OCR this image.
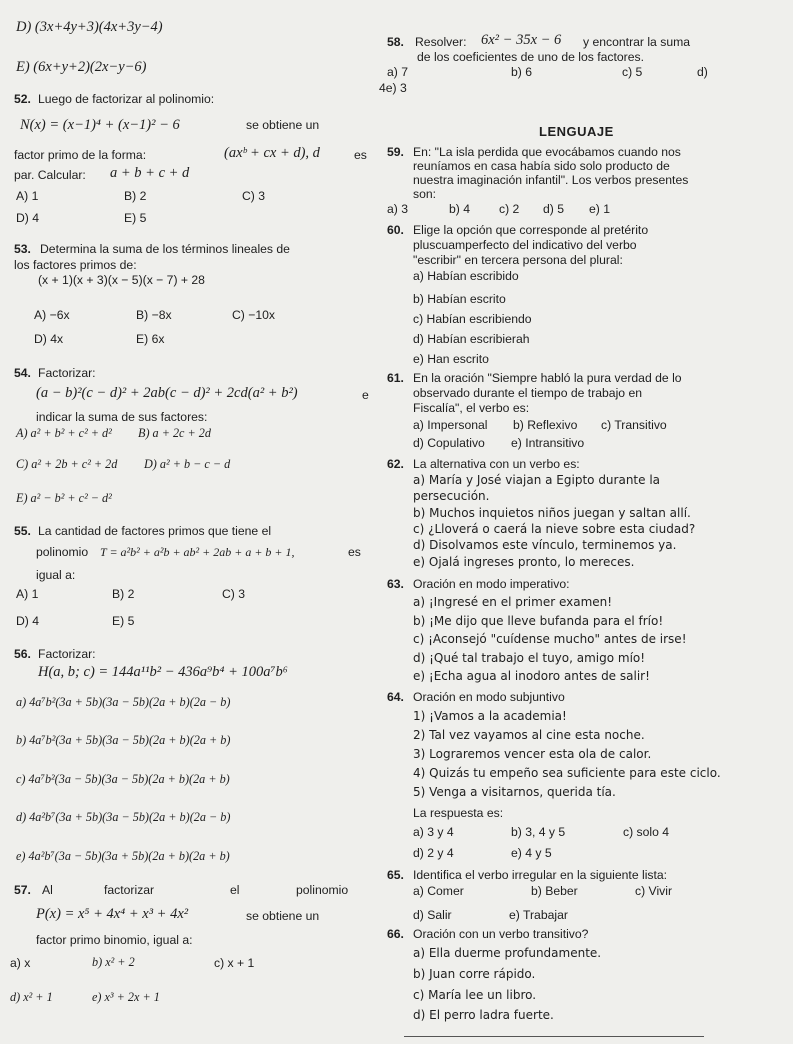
D) (3x+4y+3)(4x+3y−4)
E) (6x+y+2)(2x−y−6)
52. Luego de factorizar al polinomio:
N(x) = (x−1)⁴ + (x−1)² − 6	se obtiene un
factor primo de la forma:	(axᵇ + cx + d), d	es
par. Calcular: a + b + c + d
A) 1	B) 2	C) 3
D) 4	E) 5
53. Determina la suma de los términos lineales de
los factores primos de:
(x + 1)(x + 3)(x − 5)(x − 7) + 28
A) −6x	B) −8x	C) −10x
D) 4x	E) 6x
54. Factorizar:
(a − b)²(c − d)² + 2ab(c − d)² + 2cd(a² + b²)	e
indicar la suma de sus factores:
A) a² + b² + c² + d² B) a + 2c + 2d
C) a² + 2b + c² + 2d D) a² + b − c − d
E) a² − b² + c² − d²
55. La cantidad de factores primos que tiene el
polinomio T = a²b² + a²b + ab² + 2ab + a + b + 1,	es
igual a:
A) 1	B) 2	C) 3
D) 4	E) 5
56. Factorizar:
H(a, b; c) = 144a¹¹b² − 436a⁹b⁴ + 100a⁷b⁶
a) 4a⁷b²(3a + 5b)(3a − 5b)(2a + b)(2a − b)
b) 4a⁷b²(3a + 5b)(3a − 5b)(2a + b)(2a + b)
c) 4a⁷b²(3a − 5b)(3a − 5b)(2a + b)(2a + b)
d) 4a²b⁷(3a + 5b)(3a − 5b)(2a + b)(2a − b)
e) 4a²b⁷(3a − 5b)(3a + 5b)(2a + b)(2a + b)
57. Al	factorizar	el	polinomio
P(x) = x⁵ + 4x⁴ + x³ + 4x²	se obtiene un
factor primo binomio, igual a:
a) x	b) x² + 2	c) x + 1
d) x² + 1	e) x³ + 2x + 1
58. Resolver: 6x² − 35x − 6 y encontrar la suma
de los coeficientes de uno de los factores.
a) 7	b) 6	c) 5	d)
4e) 3
LENGUAJE
59. En: "La isla perdida que evocábamos cuando nos
reuníamos en casa había sido solo producto de
nuestra imaginación infantil". Los verbos presentes
son:
a) 3	b) 4 c) 2 d) 5 e) 1
60. Elige la opción que corresponde al pretérito
pluscuamperfecto del indicativo del verbo
"escribir" en tercera persona del plural:
a) Habían escribido
b) Habían escrito
c) Habían escribiendo
d) Habían escribierah
e) Han escrito
61. En la oración "Siempre habló la pura verdad de lo
observado durante el tiempo de trabajo en
Fiscalía", el verbo es:
a) Impersonal b) Reflexivo c) Transitivo
d) Copulativo e) Intransitivo
62. La alternativa con un verbo es:
a) María y José viajan a Egipto durante la
persecución.
b) Muchos inquietos niños juegan y saltan allí.
c) ¿Lloverá o caerá la nieve sobre esta ciudad?
d) Disolvamos este vínculo, terminemos ya.
e) Ojalá ingreses pronto, lo mereces.
63. Oración en modo imperativo:
a) ¡Ingresé en el primer examen!
b) ¡Me dijo que lleve bufanda para el frío!
c) ¡Aconsejó "cuídense mucho" antes de irse!
d) ¡Qué tal trabajo el tuyo, amigo mío!
e) ¡Echa agua al inodoro antes de salir!
64. Oración en modo subjuntivo
1) ¡Vamos a la academia!
2) Tal vez vayamos al cine esta noche.
3) Lograremos vencer esta ola de calor.
4) Quizás tu empeño sea suficiente para este ciclo.
5) Venga a visitarnos, querida tía.
La respuesta es:
a) 3 y 4	b) 3, 4 y 5	c) solo 4
d) 2 y 4	e) 4 y 5
65. Identifica el verbo irregular en la siguiente lista:
a) Comer	b) Beber	c) Vivir
d) Salir	e) Trabajar
66. Oración con un verbo transitivo?
a) Ella duerme profundamente.
b) Juan corre rápido.
c) María lee un libro.
d) El perro ladra fuerte.
